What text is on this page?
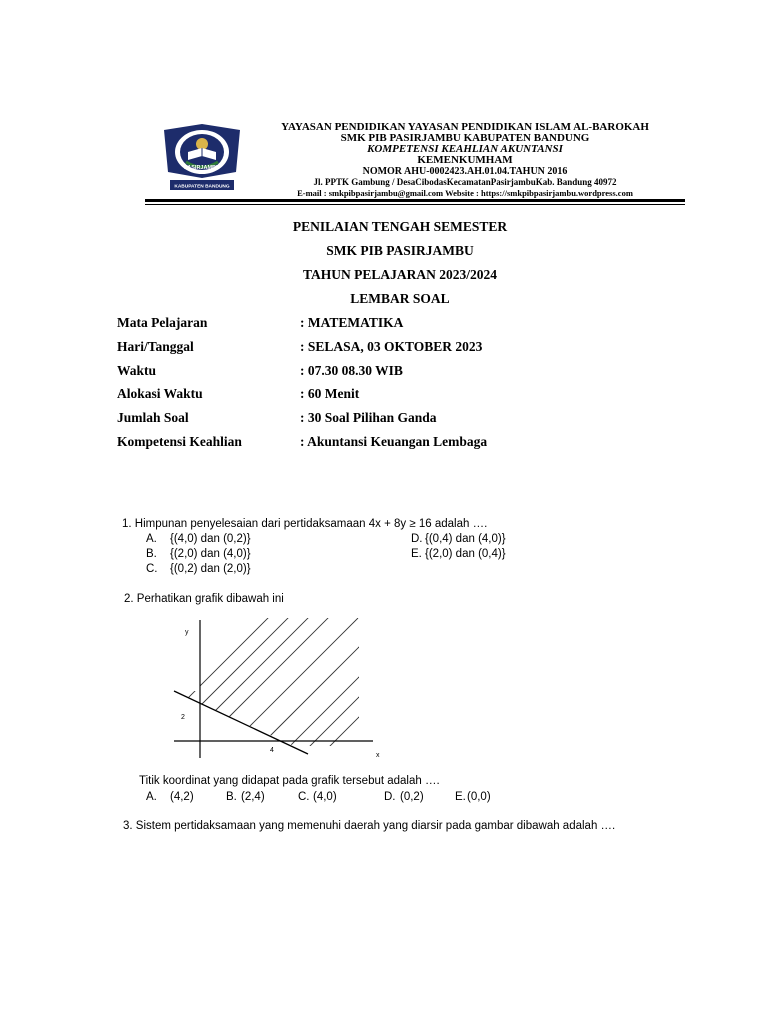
PASIRJAMBU
KABUPATEN BANDUNG
YAYASAN PENDIDIKAN YAYASAN PENDIDIKAN ISLAM AL-BAROKAH
SMK PIB PASIRJAMBU KABUPATEN BANDUNG
KOMPETENSI KEAHLIAN AKUNTANSI
KEMENKUMHAM
NOMOR AHU-0002423.AH.01.04.TAHUN 2016
Jl. PPTK Gambung / DesaCibodasKecamatanPasirjambuKab. Bandung 40972
E-mail : smkpibpasirjambu@gmail.com Website : https://smkpibpasirjambu.wordpress.com
PENILAIAN TENGAH SEMESTER
SMK PIB PASIRJAMBU
TAHUN PELAJARAN 2023/2024
LEMBAR SOAL
Mata Pelajaran	: MATEMATIKA
Hari/Tanggal	: SELASA, 03 OKTOBER 2023
Waktu	: 07.30 08.30 WIB
Alokasi Waktu	: 60 Menit
Jumlah Soal	: 30 Soal Pilihan Ganda
Kompetensi Keahlian	: Akuntansi Keuangan Lembaga
1. Himpunan penyelesaian dari pertidaksamaan 4x + 8y ≥ 16 adalah ….
A. {(4,0) dan (0,2)}
B. {(2,0) dan (4,0)}
C. {(0,2) dan (2,0)}
D. {(0,4) dan (4,0)}
E. {(2,0) dan (0,4)}
2. Perhatikan grafik dibawah ini
y
x
2
4
Titik koordinat yang didapat pada grafik tersebut adalah ….
A. (4,2)	B. (2,4)	C. (4,0)	D. (0,2)	E. (0,0)
3. Sistem pertidaksamaan yang memenuhi daerah yang diarsir pada gambar dibawah adalah ….
